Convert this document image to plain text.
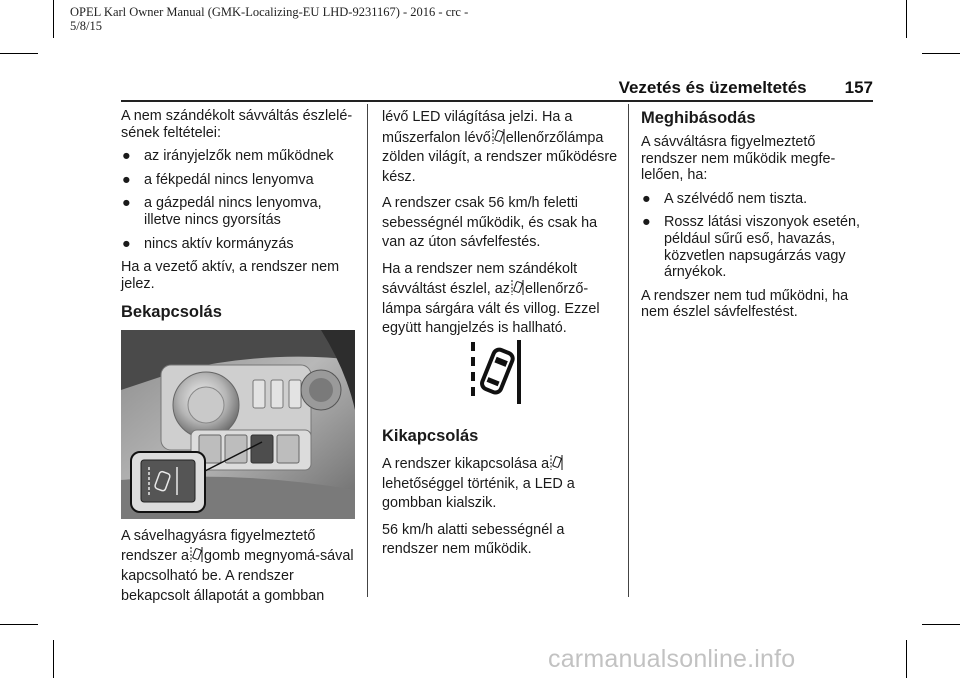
OPEL Karl Owner Manual (GMK-Localizing-EU LHD-9231167) - 2016 - crc -
5/8/15
Vezetés és üzemeltetés 157

A nem szándékolt sávváltás észlelé-sének feltételei:

● az irányjelzők nem működnek
● a fékpedál nincs lenyomva
● a gázpedál nincs lenyomva, illetve nincs gyorsítás
● nincs aktív kormányzás

Ha a vezető aktív, a rendszer nem jelez.

Bekapcsolás

A sávelhagyásra figyelmeztető rendszer a gomb megnyomá-sával kapcsolható be. A rendszer bekapcsolt állapotát a gombban

lévő LED világítása jelzi. Ha a műszerfalon lévő ellenőrzőlámpa zölden világít, a rendszer működésre kész.

A rendszer csak 56 km/h feletti sebességnél működik, és csak ha van az úton sávfelfestés.

Ha a rendszer nem szándékolt sávváltást észlel, az ellenőrző-lámpa sárgára vált és villog. Ezzel együtt hangjelzés is hallható.

Kikapcsolás

A rendszer kikapcsolása alehetőséggel történik, a LED a gombban kialszik.

56 km/h alatti sebességnél a rendszer nem működik.

Meghibásodás

A sávváltásra figyelmeztető rendszer nem működik megfe-lelően, ha:

● A szélvédő nem tiszta.
● Rossz látási viszonyok esetén, például sűrű eső, havazás, közvetlen napsugárzás vagy árnyékok.

A rendszer nem tud működni, ha nem észlel sávfelfestést.

carmanualsonline.info
